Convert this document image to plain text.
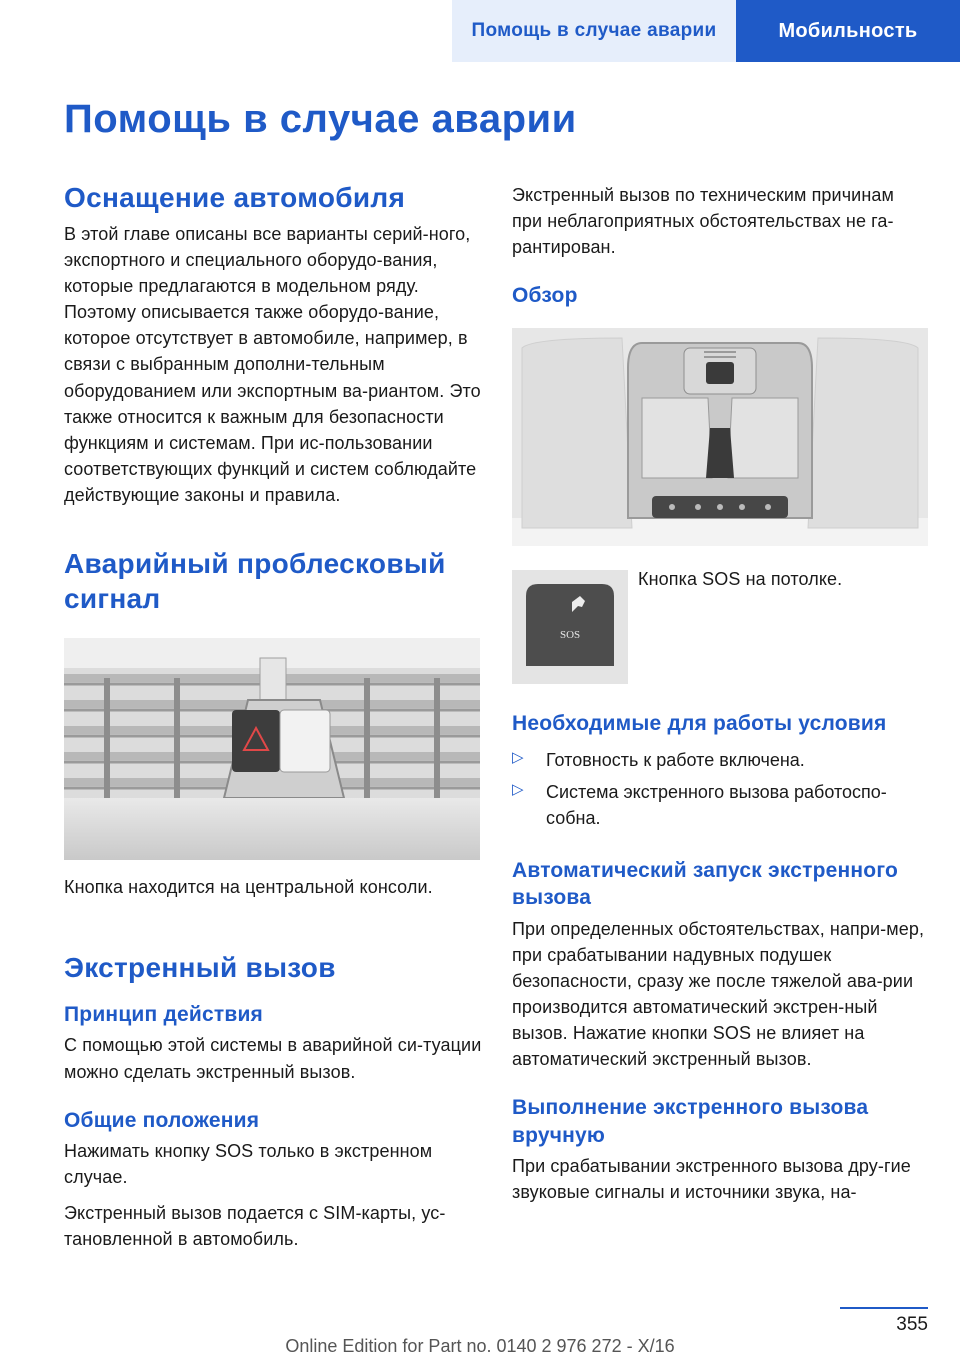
Помощь в случае аварии	Мобильность
Помощь в случае аварии
Оснащение автомобиля

В этой главе описаны все варианты серий-ного, экспортного и специального оборудо-вания, которые предлагаются в модельном ряду. Поэтому описывается также оборудо-вание, которое отсутствует в автомобиле, например, в связи с выбранным дополни-тельным оборудованием или экспортным ва-риантом. Это также относится к важным для безопасности функциям и системам. При ис-пользовании соответствующих функций и систем соблюдайте действующие законы и правила.

Аварийный проблесковый сигнал

Кнопка находится на центральной консоли.

Экстренный вызов
Принцип действия

С помощью этой системы в аварийной си-туации можно сделать экстренный вызов.

Общие положения

Нажимать кнопку SOS только в экстренном случае.

Экстренный вызов подается с SIM-карты, ус-тановленной в автомобиль.

Экстренный вызов по техническим причинам при неблагоприятных обстоятельствах не га-рантирован.

Обзор
SOS

Кнопка SOS на потолке.

Необходимые для работы условия
▷ Готовность к работе включена.
▷ Система экстренного вызова работоспо-собна.
Автоматический запуск экстренного вызова

При определенных обстоятельствах, напри-мер, при срабатывании надувных подушек безопасности, сразу же после тяжелой ава-рии производится автоматический экстрен-ный вызов. Нажатие кнопки SOS не влияет на автоматический экстренный вызов.

Выполнение экстренного вызова вручную

При срабатывании экстренного вызова дру-гие звуковые сигналы и источники звука, на-

355
Online Edition for Part no. 0140 2 976 272 - X/16
